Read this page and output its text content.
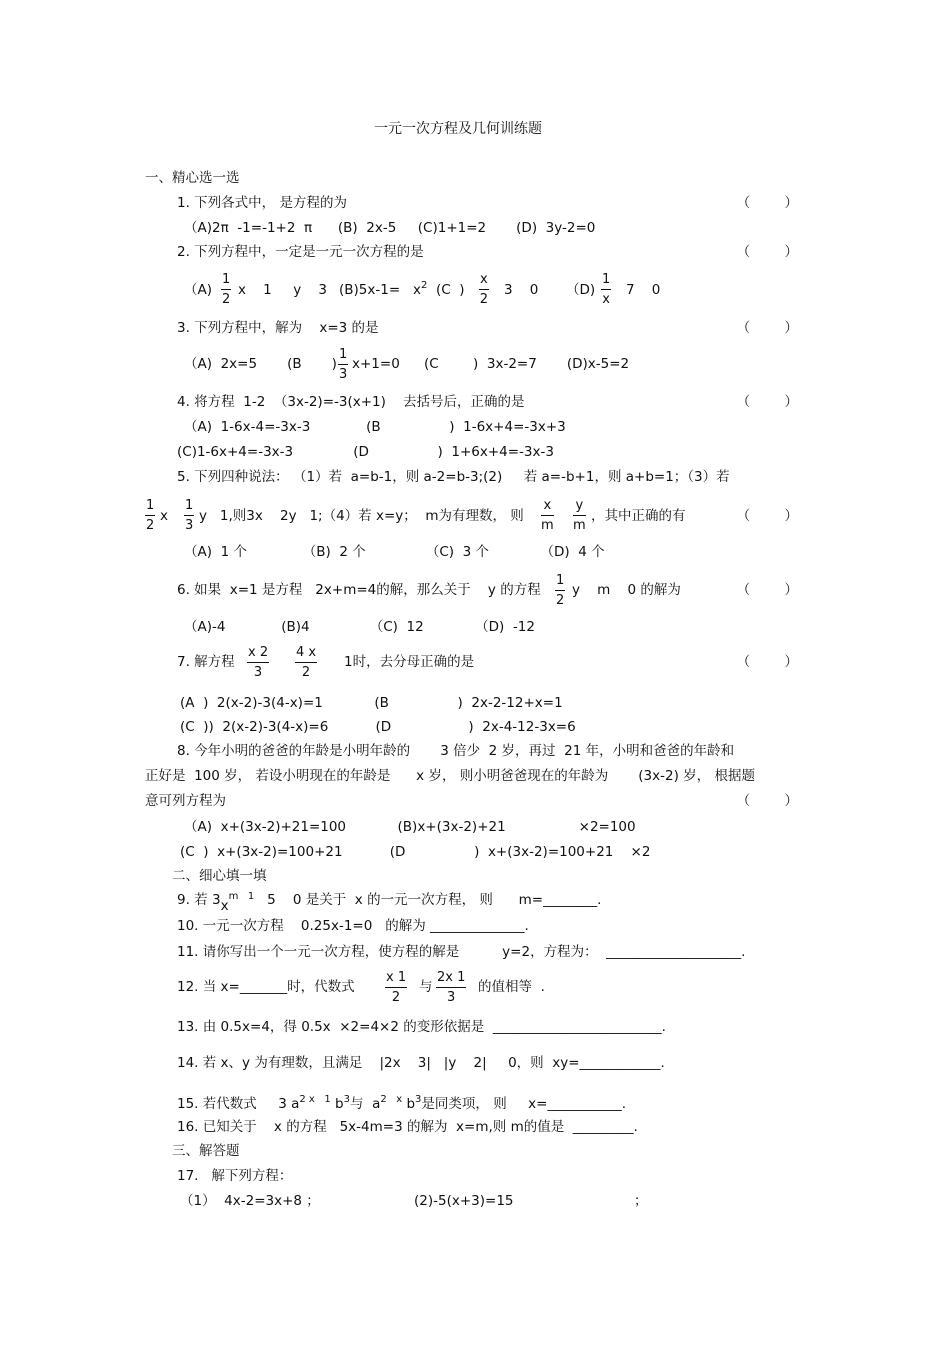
一元一次方程及几何训练题
一、精心选一选
1. 下列各式中， 是方程的为	（        ）
（A)2π  -1=-1+2  π      (B)  2x-5     (C)1+1=2       (D)  3y-2=0
2. 下列方程中，一定是一元一次方程的是	（        ）
$(A) \frac{1}{2}$ x    1     y    3 $(B)5x-1= x^2$ (C  ) $\frac{x}{2} 3$    0 $(D) \frac{1}{x} 7$    0
3. 下列方程中，解为    x=3 的是	（        ）
（A)  2x=5       (B       ) $\frac{1}{3} x+1=0$ (C        )  3x-2=7       (D)x-5=2
4. 将方程  1-2  （3x-2)=-3(x+1)    去括号后，正确的是	（        ）
（A)  1-6x-4=-3x-3             (B                )  1-6x+4=-3x+3
(C)1-6x+4=-3x-3              (D                )  1+6x+4=-3x-3
5. 下列四种说法： （1）若  a=b-1，则 a-2=b-3;(2)     若 a=-b+1，则 a+b=1；（3）若
$\frac{1}{2}$ x $\frac{1}{3}$ y   1,则3x    2y   1;（4）若 x=y；  m为有理数， 则 $\frac{x}{m} \frac{y}{m}$ ，其中正确的有	（        ）
（A)  1 个             （B)  2 个              （C)  3 个            （D)  4 个
6. 如果  x=1 是方程   2x+m=4的解，那么关于    y 的方程 $\frac{1}{2}$ y    m    0 的解为	（        ）
（A)-4             (B)4              （C)  12            （D)  -12
7. 解方程 $\frac{x 2}{3} \frac{4 x}{2} 1$时，去分母正确的是	（        ）
(A  )  2(x-2)-3(4-x)=1            (B                )  2x-2-12+x=1
(C  ))  2(x-2)-3(4-x)=6           (D                  )  2x-4-12-3x=6
8. 今年小明的爸爸的年龄是小明年龄的       3 倍少  2 岁，再过  21 年，小明和爸爸的年龄和
正好是  100 岁， 若设小明现在的年龄是      x 岁， 则小明爸爸现在的年龄为       (3x-2) 岁， 根据题
意可列方程为	（        ）
（A)  x+(3x-2)+21=100            (B)x+(3x-2)+21                 ×2=100
(C  )  x+(3x-2)=100+21           (D                )  x+(3x-2)=100+21    ×2
二、细心填一填
9. 若 $3x^{m 1}$ 5    0 是关于  x 的一元一次方程， 则      m=________.
10. 一元一次方程    0.25x-1=0   的解为 ______________.
11. 请你写出一个一元一次方程，使方程的解是          y=2，方程为：  ____________________.
12. 当 x=_______时，代数式 $\frac{x 1}{2}$ 与 $\frac{2x 1}{3}$ 的值相等  .
13. 由 0.5x=4，得 0.5x  ×2=4×2 的变形依据是  _________________________.
14. 若 x、y 为有理数，且满足    |2x    3|   |y    2|     0，则  xy=____________.
15. 若代数式     3 $a^{2 x 1}$ $b^3$与  $a^{2 x}$ $b^3$是同类项， 则     x=___________.
16. 已知关于    x 的方程   5x-4m=3 的解为  x=m,则 m的值是  _________.
三、解答题
17.   解下列方程：
（1）  4x-2=3x+8 ；	(2)-5(x+3)=15	；
